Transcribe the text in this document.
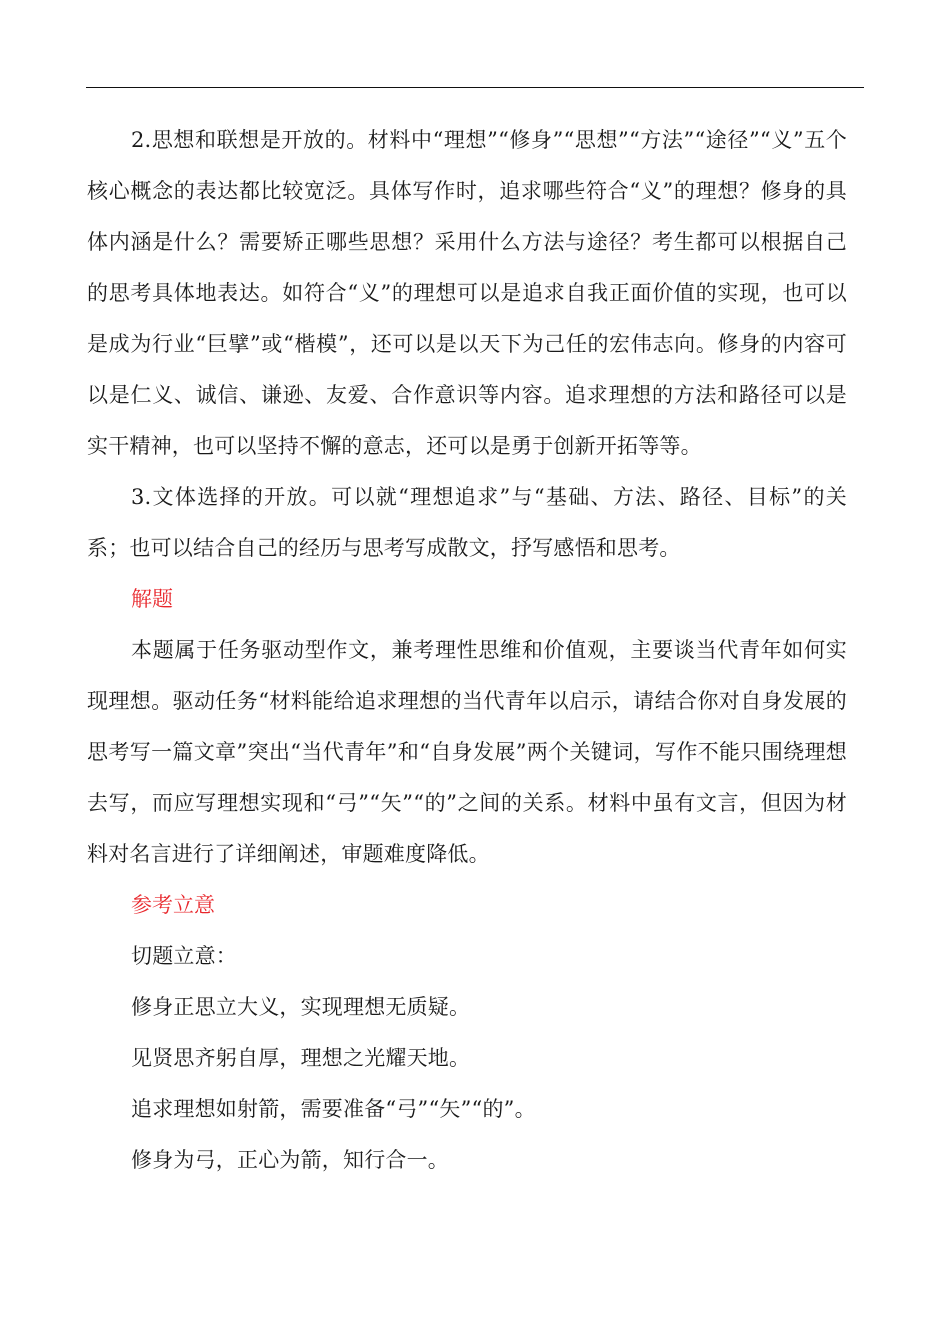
2.思想和联想是开放的。材料中“理想”“修身”“思想”“方法”“途径”“义”五个核心概念的表达都比较宽泛。具体写作时，追求哪些符合“义”的理想？修身的具体内涵是什么？需要矫正哪些思想？采用什么方法与途径？考生都可以根据自己的思考具体地表达。如符合“义”的理想可以是追求自我正面价值的实现，也可以是成为行业“巨擘”或“楷模”，还可以是以天下为己任的宏伟志向。修身的内容可以是仁义、诚信、谦逊、友爱、合作意识等内容。追求理想的方法和路径可以是实干精神，也可以坚持不懈的意志，还可以是勇于创新开拓等等。

3.文体选择的开放。可以就“理想追求”与“基础、方法、路径、目标”的关系；也可以结合自己的经历与思考写成散文，抒写感悟和思考。

解题

本题属于任务驱动型作文，兼考理性思维和价值观，主要谈当代青年如何实现理想。驱动任务“材料能给追求理想的当代青年以启示，请结合你对自身发展的思考写一篇文章”突出“当代青年”和“自身发展”两个关键词，写作不能只围绕理想去写，而应写理想实现和“弓”“矢”“的”之间的关系。材料中虽有文言，但因为材料对名言进行了详细阐述，审题难度降低。

参考立意

切题立意：

修身正思立大义，实现理想无质疑。

见贤思齐躬自厚，理想之光耀天地。

追求理想如射箭，需要准备“弓”“矢”“的”。

修身为弓，正心为箭，知行合一。
